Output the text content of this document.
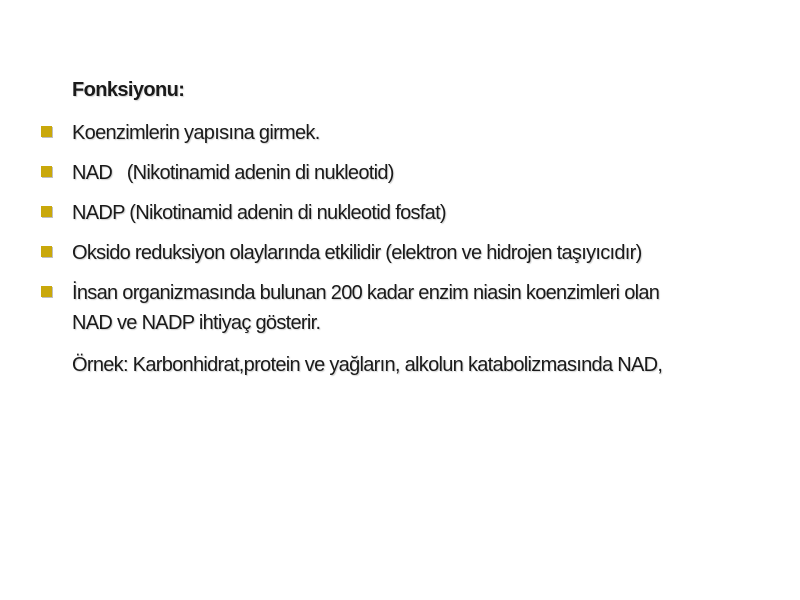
Fonksiyonu:
Koenzimlerin yapısına girmek.
NAD   (Nikotinamid adenin di nukleotid)
NADP (Nikotinamid adenin di nukleotid fosfat)
Oksido reduksiyon olaylarında etkilidir (elektron ve hidrojen taşıyıcıdır)
İnsan organizmasında bulunan 200 kadar enzim niasin koenzimleri olan
NAD ve NADP ihtiyaç gösterir.
Örnek: Karbonhidrat,protein ve yağların, alkolun katabolizmasında NAD,
